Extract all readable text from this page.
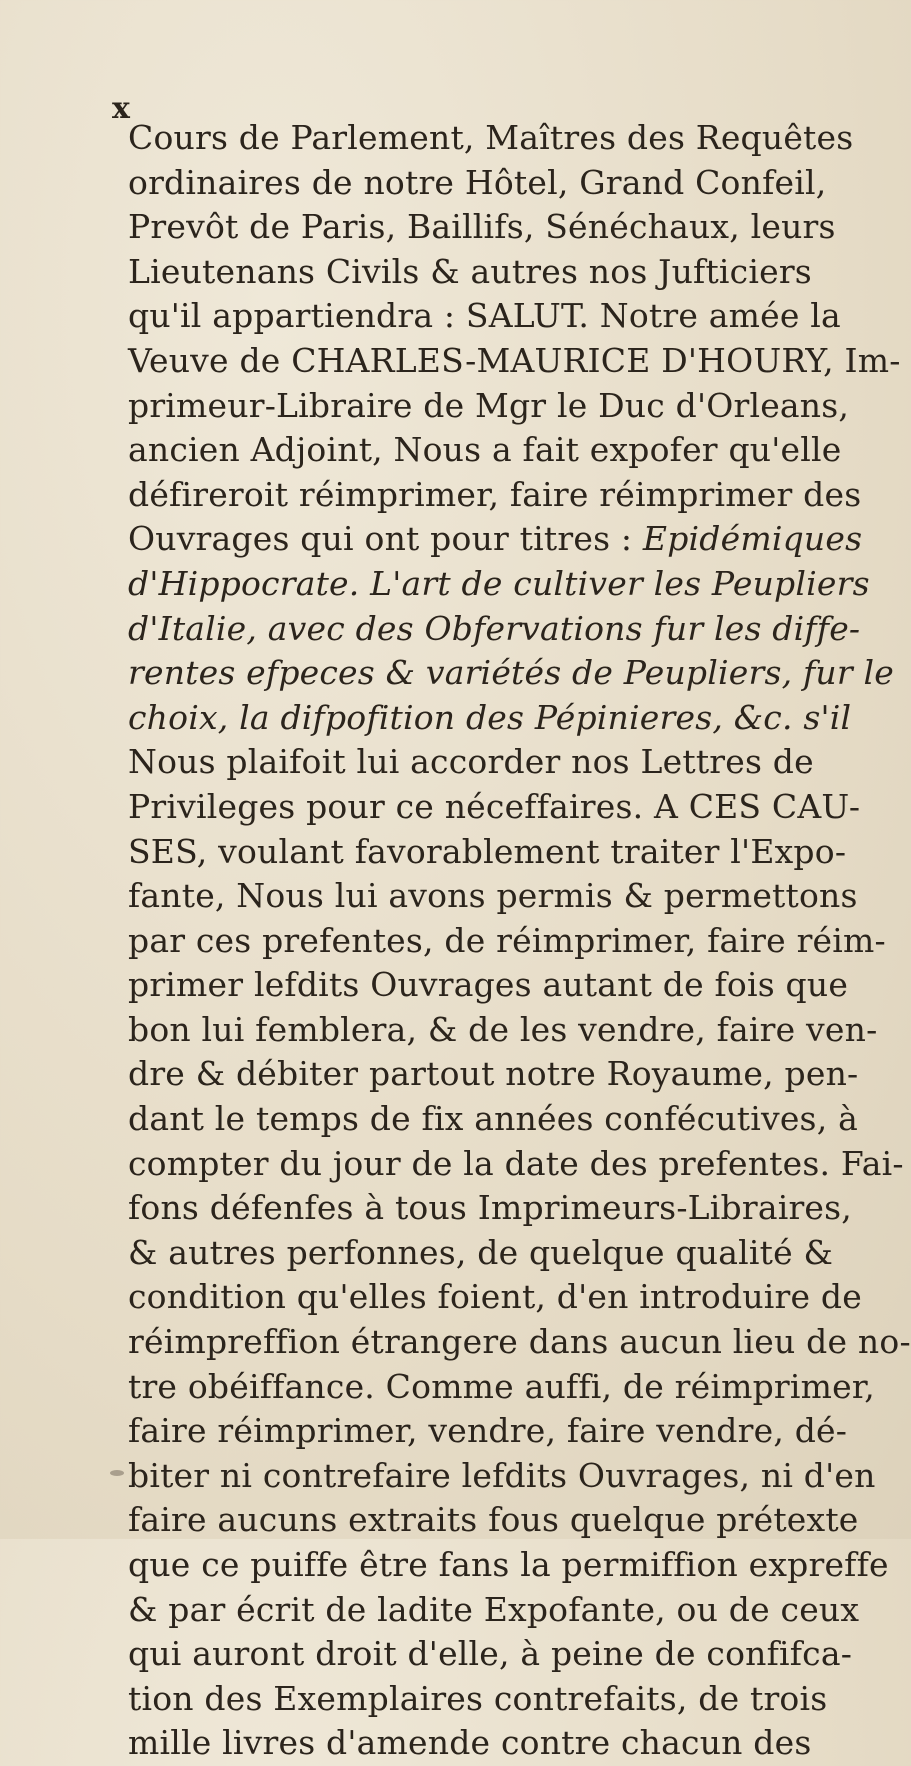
x
Cours de Parlement, Maîtres des Requêtes
ordinaires de notre Hôtel, Grand Confeil,
Prevôt de Paris, Baillifs, Sénéchaux, leurs
Lieutenans Civils & autres nos Jufticiers
qu'il appartiendra : SALUT. Notre amée la
Veuve de CHARLES-MAURICE D'HOURY, Im-
primeur-Libraire de Mgr le Duc d'Orleans,
ancien Adjoint, Nous a fait expofer qu'elle
défireroit réimprimer, faire réimprimer des
Ouvrages qui ont pour titres : Epidémiques
d'Hippocrate. L'art de cultiver les Peupliers
d'Italie, avec des Obfervations fur les diffe-
rentes efpeces & variétés de Peupliers, fur le
choix, la difpofition des Pépinieres, &c. s'il
Nous plaifoit lui accorder nos Lettres de
Privileges pour ce néceffaires. A CES CAU-
SES, voulant favorablement traiter l'Expo-
fante, Nous lui avons permis & permettons
par ces prefentes, de réimprimer, faire réim-
primer lefdits Ouvrages autant de fois que
bon lui femblera, & de les vendre, faire ven-
dre & débiter partout notre Royaume, pen-
dant le temps de fix années confécutives, à
compter du jour de la date des prefentes. Fai-
fons défenfes à tous Imprimeurs-Libraires,
& autres perfonnes, de quelque qualité &
condition qu'elles foient, d'en introduire de
réimpreffion étrangere dans aucun lieu de no-
tre obéiffance. Comme auffi, de réimprimer,
faire réimprimer, vendre, faire vendre, dé-
biter ni contrefaire lefdits Ouvrages, ni d'en
faire aucuns extraits fous quelque prétexte
que ce puiffe être fans la permiffion expreffe
& par écrit de ladite Expofante, ou de ceux
qui auront droit d'elle, à peine de confifca-
tion des Exemplaires contrefaits, de trois
mille livres d'amende contre chacun des
